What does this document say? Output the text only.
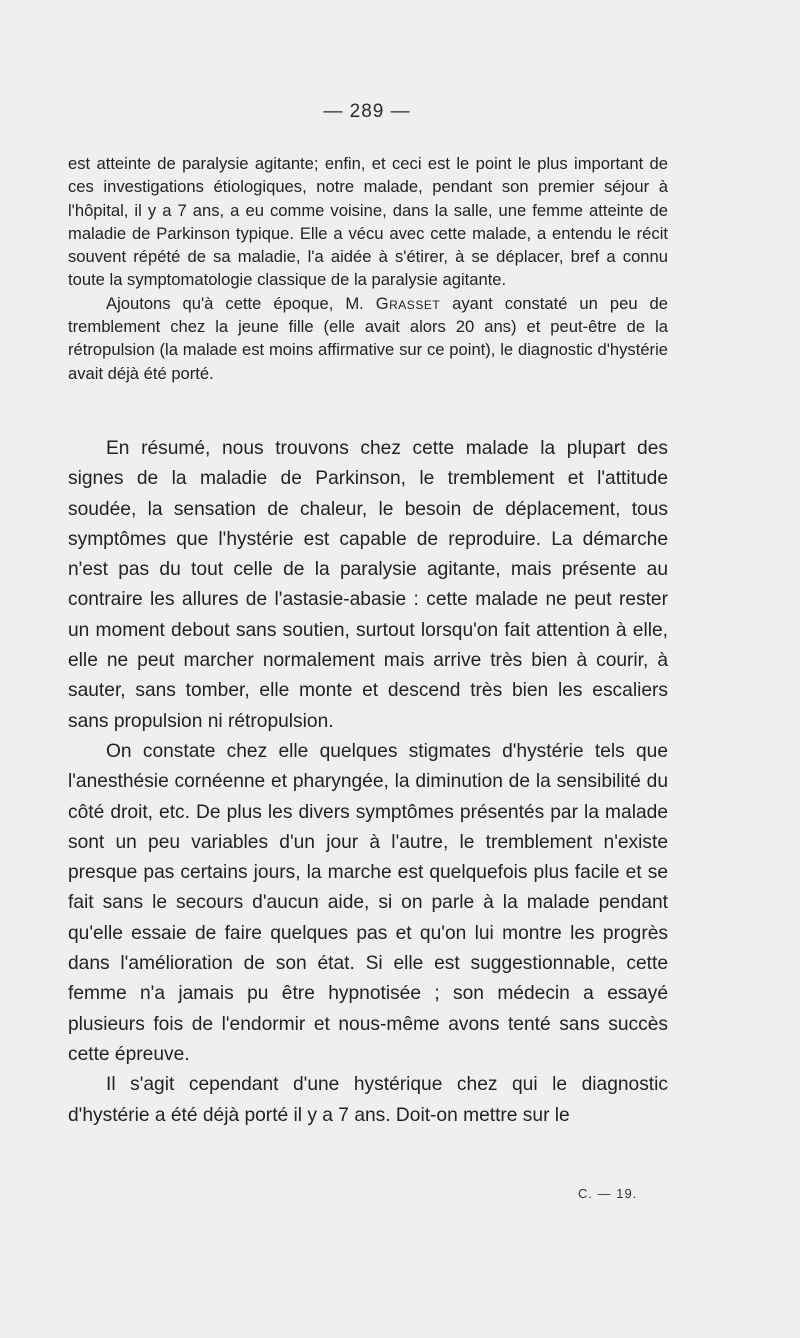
— 289 —

est atteinte de paralysie agitante; enfin, et ceci est le point le plus important de ces investigations étiologiques, notre malade, pendant son premier séjour à l'hôpital, il y a 7 ans, a eu comme voisine, dans la salle, une femme atteinte de maladie de Parkinson typique. Elle a vécu avec cette malade, a entendu le récit souvent répété de sa maladie, l'a aidée à s'étirer, à se déplacer, bref a connu toute la symptomatologie classique de la paralysie agitante.

Ajoutons qu'à cette époque, M. Grasset ayant constaté un peu de tremblement chez la jeune fille (elle avait alors 20 ans) et peut-être de la rétropulsion (la malade est moins affirmative sur ce point), le diagnostic d'hystérie avait déjà été porté.

En résumé, nous trouvons chez cette malade la plupart des signes de la maladie de Parkinson, le tremblement et l'attitude soudée, la sensation de chaleur, le besoin de déplacement, tous symptômes que l'hystérie est capable de reproduire. La démarche n'est pas du tout celle de la paralysie agitante, mais présente au contraire les allures de l'astasie-abasie : cette malade ne peut rester un moment debout sans soutien, surtout lorsqu'on fait attention à elle, elle ne peut marcher normalement mais arrive très bien à courir, à sauter, sans tomber, elle monte et descend très bien les escaliers sans propulsion ni rétropulsion.

On constate chez elle quelques stigmates d'hystérie tels que l'anesthésie cornéenne et pharyngée, la diminution de la sensibilité du côté droit, etc. De plus les divers symptômes présentés par la malade sont un peu variables d'un jour à l'autre, le tremblement n'existe presque pas certains jours, la marche est quelquefois plus facile et se fait sans le secours d'aucun aide, si on parle à la malade pendant qu'elle essaie de faire quelques pas et qu'on lui montre les progrès dans l'amélioration de son état. Si elle est suggestionnable, cette femme n'a jamais pu être hypnotisée ; son médecin a essayé plusieurs fois de l'endormir et nous-même avons tenté sans succès cette épreuve.

Il s'agit cependant d'une hystérique chez qui le diagnostic d'hystérie a été déjà porté il y a 7 ans. Doit-on mettre sur le

C. — 19.
